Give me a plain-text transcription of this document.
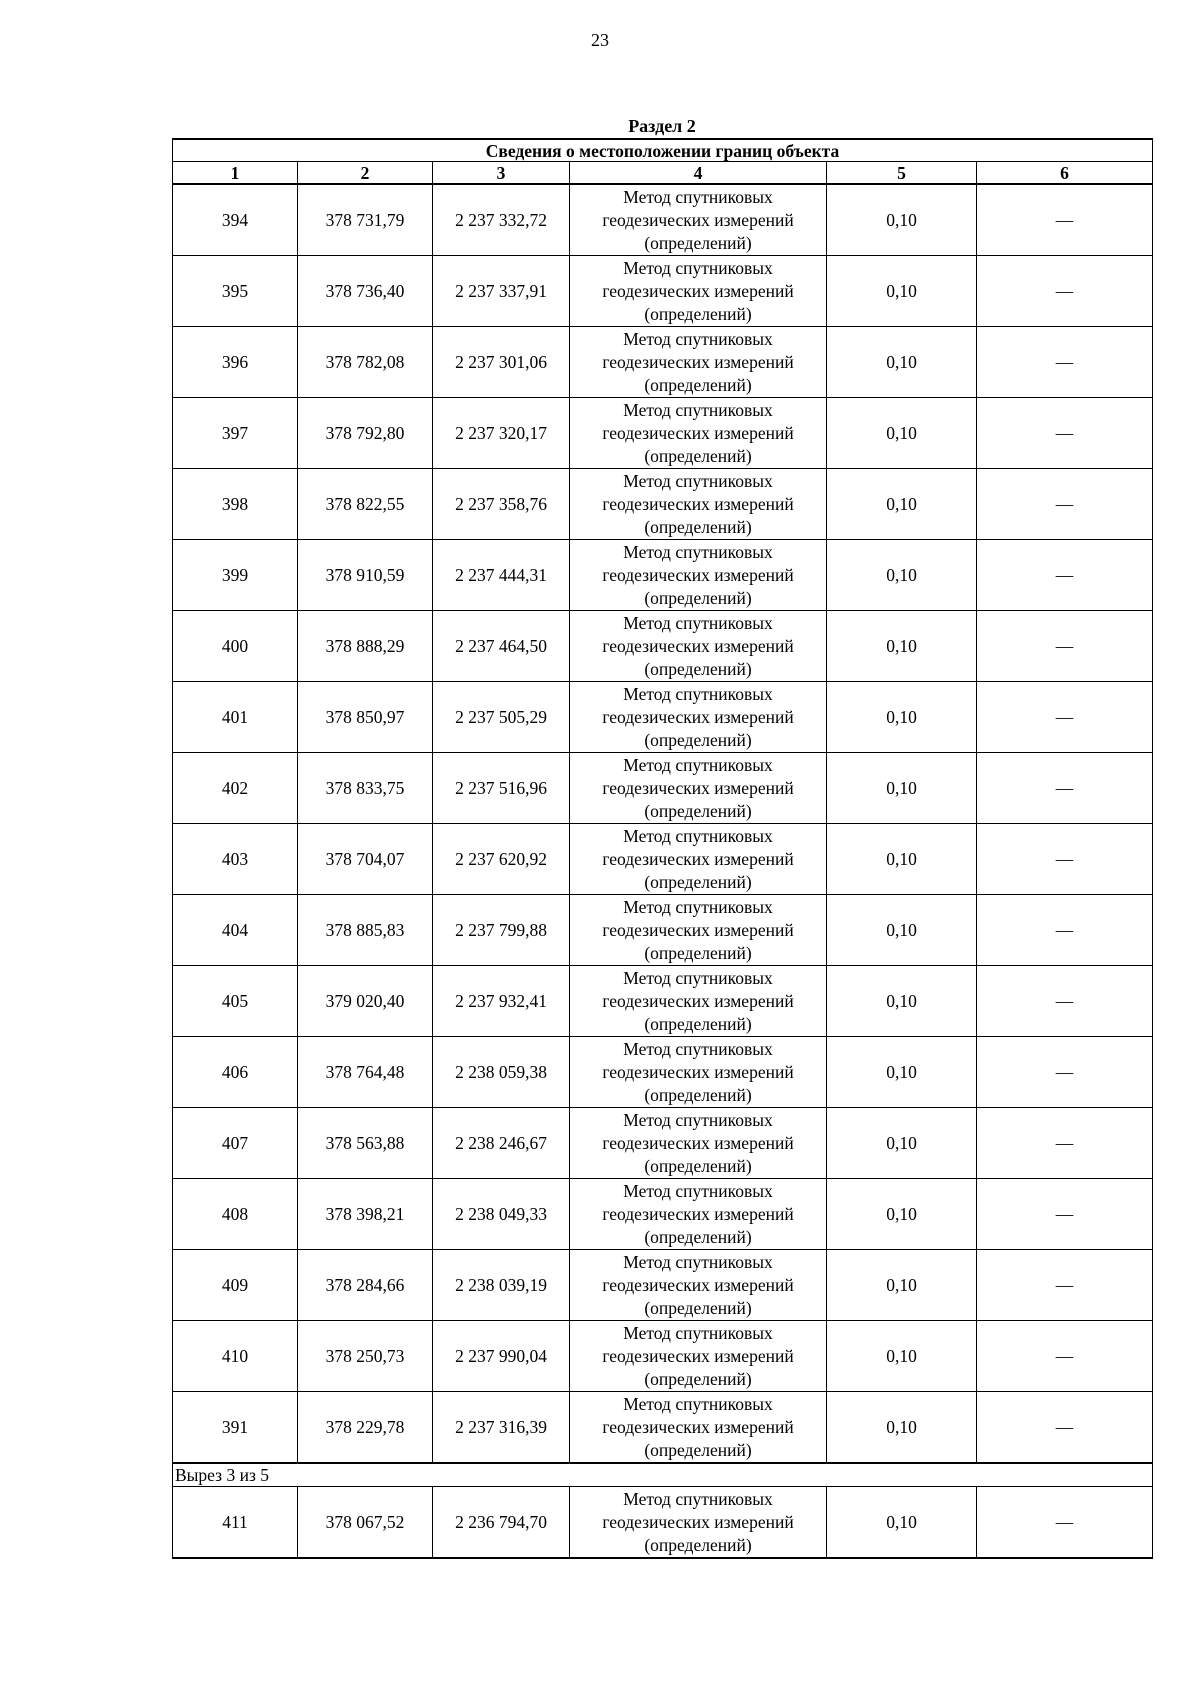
23
Раздел 2
Сведения о местоположении границ объекта					
1	2	3	4	5	6
394	378 731,79	2 237 332,72	Метод спутниковых
геодезических измерений
(определений)	0,10	—
395	378 736,40	2 237 337,91	Метод спутниковых
геодезических измерений
(определений)	0,10	—
396	378 782,08	2 237 301,06	Метод спутниковых
геодезических измерений
(определений)	0,10	—
397	378 792,80	2 237 320,17	Метод спутниковых
геодезических измерений
(определений)	0,10	—
398	378 822,55	2 237 358,76	Метод спутниковых
геодезических измерений
(определений)	0,10	—
399	378 910,59	2 237 444,31	Метод спутниковых
геодезических измерений
(определений)	0,10	—
400	378 888,29	2 237 464,50	Метод спутниковых
геодезических измерений
(определений)	0,10	—
401	378 850,97	2 237 505,29	Метод спутниковых
геодезических измерений
(определений)	0,10	—
402	378 833,75	2 237 516,96	Метод спутниковых
геодезических измерений
(определений)	0,10	—
403	378 704,07	2 237 620,92	Метод спутниковых
геодезических измерений
(определений)	0,10	—
404	378 885,83	2 237 799,88	Метод спутниковых
геодезических измерений
(определений)	0,10	—
405	379 020,40	2 237 932,41	Метод спутниковых
геодезических измерений
(определений)	0,10	—
406	378 764,48	2 238 059,38	Метод спутниковых
геодезических измерений
(определений)	0,10	—
407	378 563,88	2 238 246,67	Метод спутниковых
геодезических измерений
(определений)	0,10	—
408	378 398,21	2 238 049,33	Метод спутниковых
геодезических измерений
(определений)	0,10	—
409	378 284,66	2 238 039,19	Метод спутниковых
геодезических измерений
(определений)	0,10	—
410	378 250,73	2 237 990,04	Метод спутниковых
геодезических измерений
(определений)	0,10	—
391	378 229,78	2 237 316,39	Метод спутниковых
геодезических измерений
(определений)	0,10	—
Вырез 3 из 5					
411	378 067,52	2 236 794,70	Метод спутниковых
геодезических измерений
(определений)	0,10	—
